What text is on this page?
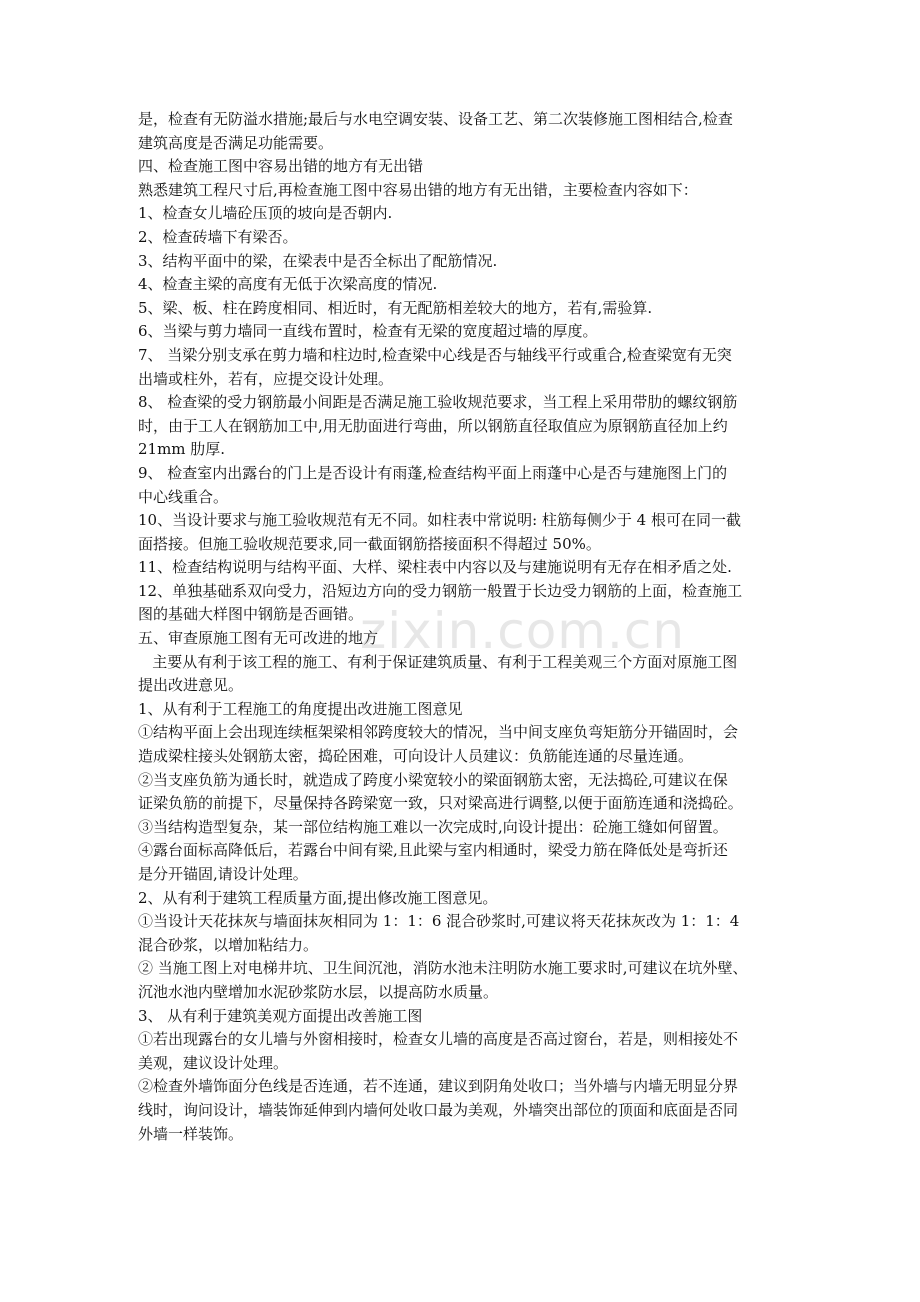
是，检查有无防溢水措施;最后与水电空调安装、设备工艺、第二次装修施工图相结合,检查
建筑高度是否满足功能需要。
四、检查施工图中容易出错的地方有无出错
熟悉建筑工程尺寸后,再检查施工图中容易出错的地方有无出错，主要检查内容如下：
1、检查女儿墙砼压顶的坡向是否朝内.
2、检查砖墙下有梁否。
3、结构平面中的梁，在梁表中是否全标出了配筋情况.
4、检查主梁的高度有无低于次梁高度的情况.
5、梁、板、柱在跨度相同、相近时，有无配筋相差较大的地方，若有,需验算.
6、当梁与剪力墙同一直线布置时，检查有无梁的宽度超过墙的厚度。
7、 当梁分别支承在剪力墙和柱边时,检查梁中心线是否与轴线平行或重合,检查梁宽有无突
出墙或柱外，若有，应提交设计处理。
8、 检查梁的受力钢筋最小间距是否满足施工验收规范要求，当工程上采用带肋的螺纹钢筋
时，由于工人在钢筋加工中,用无肋面进行弯曲，所以钢筋直径取值应为原钢筋直径加上约
21mm 肋厚.
9、 检查室内出露台的门上是否设计有雨蓬,检查结构平面上雨蓬中心是否与建施图上门的
中心线重合。
10、当设计要求与施工验收规范有无不同。如柱表中常说明: 柱筋每侧少于 4 根可在同一截
面搭接。但施工验收规范要求,同一截面钢筋搭接面积不得超过 50%。
11、检查结构说明与结构平面、大样、梁柱表中内容以及与建施说明有无存在相矛盾之处.
12、单独基础系双向受力，沿短边方向的受力钢筋一般置于长边受力钢筋的上面，检查施工
图的基础大样图中钢筋是否画错。
五、审查原施工图有无可改进的地方
主要从有利于该工程的施工、有利于保证建筑质量、有利于工程美观三个方面对原施工图
提出改进意见。
1、从有利于工程施工的角度提出改进施工图意见
①结构平面上会出现连续框架梁相邻跨度较大的情况，当中间支座负弯矩筋分开锚固时，会
造成梁柱接头处钢筋太密，捣砼困难，可向设计人员建议：负筋能连通的尽量连通。
②当支座负筋为通长时，就造成了跨度小梁宽较小的梁面钢筋太密，无法捣砼,可建议在保
证梁负筋的前提下，尽量保持各跨梁宽一致，只对梁高进行调整,以便于面筋连通和浇捣砼。
③当结构造型复杂，某一部位结构施工难以一次完成时,向设计提出：砼施工缝如何留置。
④露台面标高降低后，若露台中间有梁,且此梁与室内相通时，梁受力筋在降低处是弯折还
是分开锚固,请设计处理。
2、从有利于建筑工程质量方面,提出修改施工图意见。
①当设计天花抹灰与墙面抹灰相同为 1：1：6 混合砂浆时,可建议将天花抹灰改为 1：1：4
混合砂浆，以增加粘结力。
② 当施工图上对电梯井坑、卫生间沉池，消防水池未注明防水施工要求时,可建议在坑外壁、
沉池水池内壁增加水泥砂浆防水层，以提高防水质量。
3、 从有利于建筑美观方面提出改善施工图
①若出现露台的女儿墙与外窗相接时，检查女儿墙的高度是否高过窗台，若是，则相接处不
美观，建议设计处理。
②检查外墙饰面分色线是否连通，若不连通，建议到阴角处收口；当外墙与内墙无明显分界
线时，询问设计，墙装饰延伸到内墙何处收口最为美观，外墙突出部位的顶面和底面是否同
外墙一样装饰。
zixin.com.cn
